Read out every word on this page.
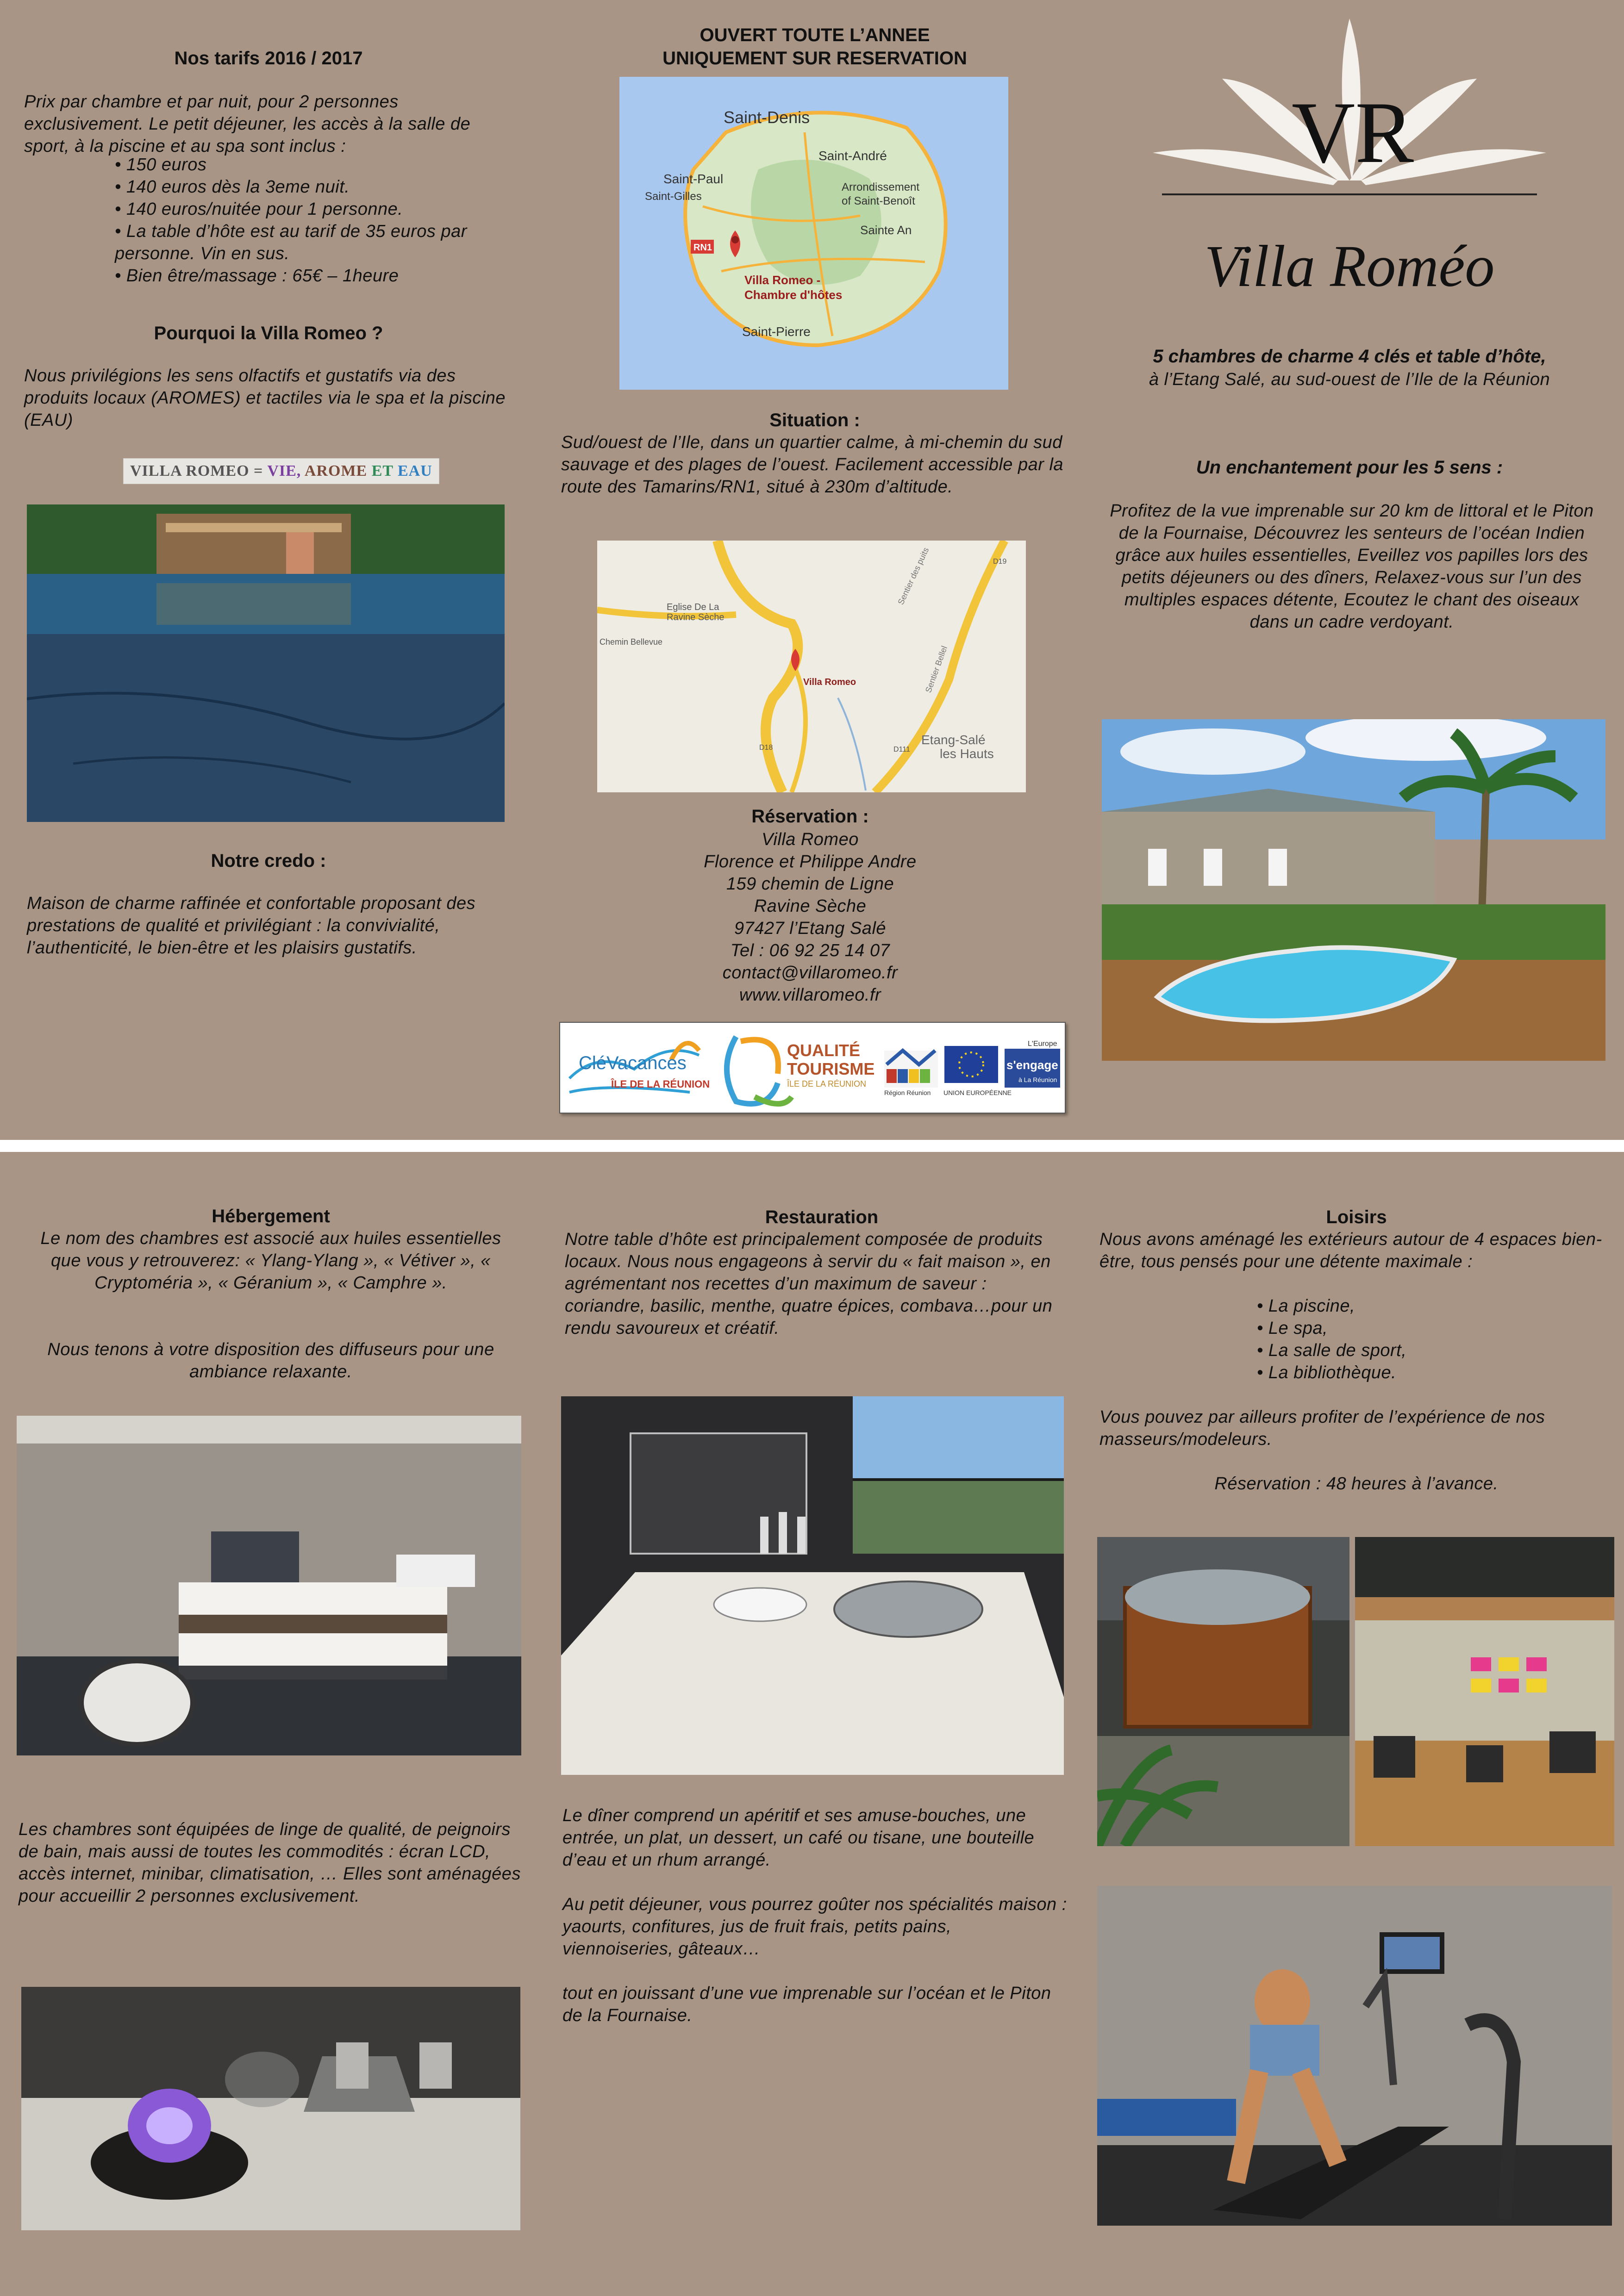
Nos tarifs 2016 / 2017

Prix par chambre et par nuit, pour 2 personnes exclusivement. Le petit déjeuner, les accès à la salle de sport, à la piscine et au spa sont inclus :

• 150 euros
• 140 euros dès la 3eme nuit.
• 140 euros/nuitée pour 1 personne.
• La table d’hôte est au tarif de 35 euros par personne. Vin en sus.
• Bien être/massage : 65€ – 1heure

Pourquoi la Villa Romeo ?

Nous privilégions les sens olfactifs et gustatifs via des produits locaux (AROMES) et tactiles via le spa et la piscine (EAU)

VILLA ROMEO = VIE, AROME ET EAU

Notre credo :

Maison de charme raffinée et confortable proposant des prestations de qualité et privilégiant : la convivialité, l’authenticité, le bien-être et les plaisirs gustatifs.

OUVERT TOUTE L’ANNEE

UNIQUEMENT SUR RESERVATION

Saint-Denis
Saint-André
Saint-Paul
Saint-Gilles
Arrondissement
of Saint-Benoît
Sainte An
Villa Romeo -
Chambre d'hôtes
Saint-Pierre
RN1

Situation :

Sud/ouest de l’Ile, dans un quartier calme, à mi-chemin du sud sauvage et des plages de l’ouest. Facilement accessible par la route des Tamarins/RN1, situé à 230m d’altitude.

Eglise De La
Ravine Sèche
Chemin Bellevue
Villa Romeo
Etang-Salé
les Hauts
D18
D19
D111
Sentier des puits
Sentier Bellel

Réservation :

Villa Romeo
Florence et Philippe Andre
159 chemin de Ligne
Ravine Sèche
97427 l’Etang Salé
Tel : 06 92 25 14 07
contact@villaromeo.fr
www.villaromeo.fr
CléVacances
ÎLE DE LA RÉUNION
QUALITÉ
TOURISME
ÎLE DE LA RÉUNION
Région Réunion UNION EUROPÉENNE
L'Europe
s'engage
à La Réunion
VR

Villa Roméo

5 chambres de charme 4 clés et table d’hôte,

à l’Etang Salé, au sud-ouest de l’Ile de la Réunion

Un enchantement pour les 5 sens :

Profitez de la vue imprenable sur 20 km de littoral et le Piton de la Fournaise, Découvrez les senteurs de l’océan Indien grâce aux huiles essentielles, Eveillez vos papilles lors des petits déjeuners ou des dîners, Relaxez-vous sur l’un des multiples espaces détente, Ecoutez le chant des oiseaux dans un cadre verdoyant.

Hébergement

Le nom des chambres est associé aux huiles essentielles que vous y retrouverez: « Ylang-Ylang », « Vétiver », « Cryptoméria », « Géranium », « Camphre ».

Nous tenons à votre disposition des diffuseurs pour une ambiance relaxante.

Les chambres sont équipées de linge de qualité, de peignoirs de bain, mais aussi de toutes les commodités : écran LCD, accès internet, minibar, climatisation, … Elles sont aménagées pour accueillir 2 personnes exclusivement.

Restauration

Notre table d’hôte est principalement composée de produits locaux. Nous nous engageons à servir du « fait maison », en agrémentant nos recettes d’un maximum de saveur : coriandre, basilic, menthe, quatre épices, combava…pour un rendu savoureux et créatif.

Le dîner comprend un apéritif et ses amuse-bouches, une entrée, un plat, un dessert, un café ou tisane, une bouteille d’eau et un rhum arrangé.

Au petit déjeuner, vous pourrez goûter nos spécialités maison : yaourts, confitures, jus de fruit frais, petits pains, viennoiseries, gâteaux…

tout en jouissant d’une vue imprenable sur l’océan et le Piton de la Fournaise.

Loisirs

Nous avons aménagé les extérieurs autour de 4 espaces bien-être, tous pensés pour une détente maximale :

• La piscine,
• Le spa,
• La salle de sport,
• La bibliothèque.

Vous pouvez par ailleurs profiter de l’expérience de nos masseurs/modeleurs.

Réservation : 48 heures à l’avance.
